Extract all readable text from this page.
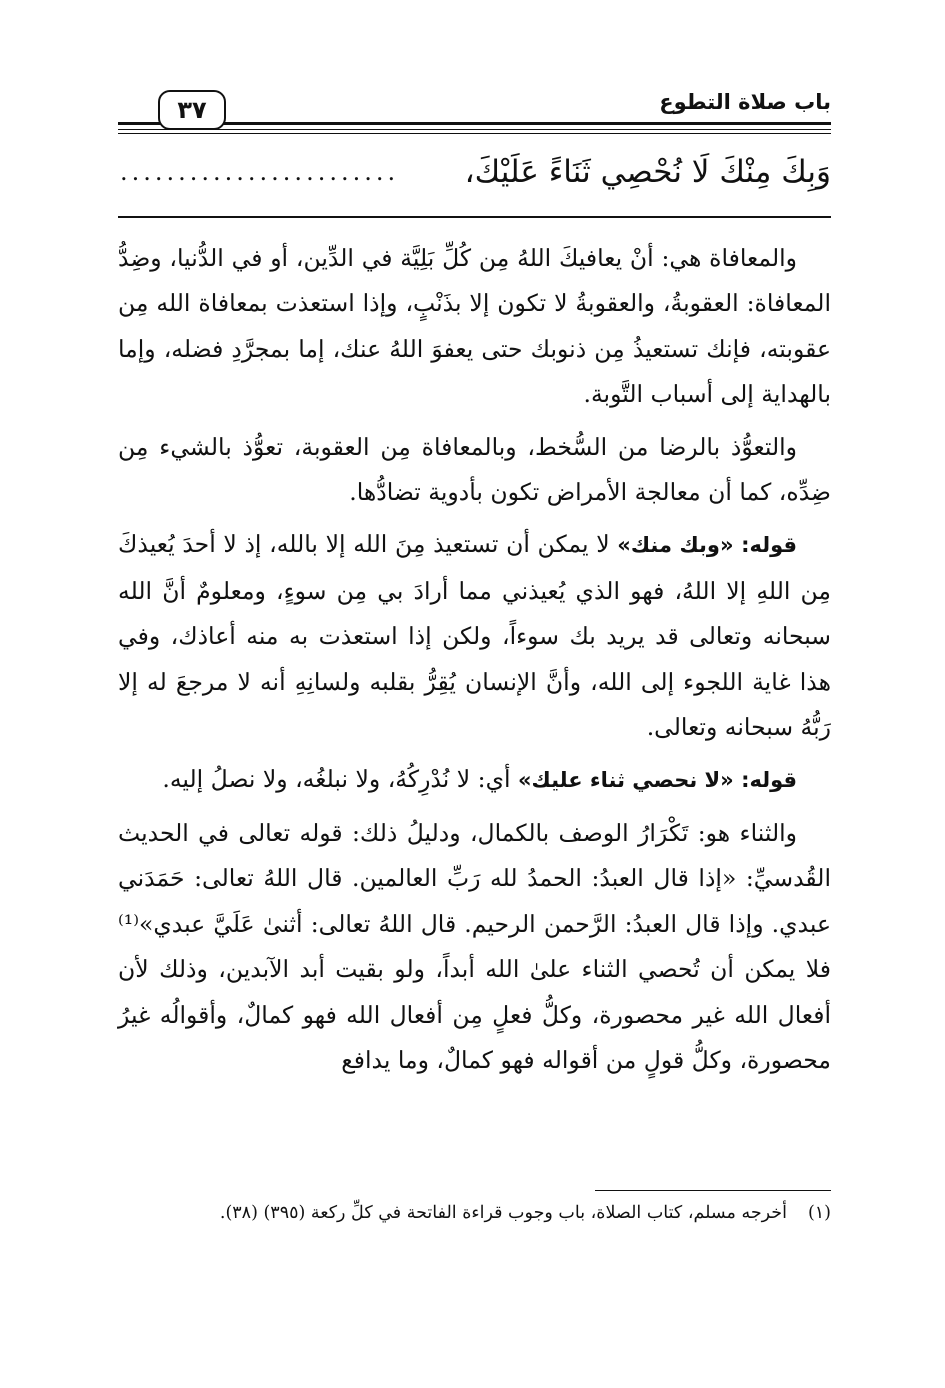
باب صلاة التطوع
٣٧
وَبِكَ مِنْكَ لَا نُحْصِي ثَنَاءً عَلَيْكَ،
........................

والمعافاة هي: أنْ يعافيكَ اللهُ مِن كُلِّ بَلِيَّة في الدِّين، أو في الدُّنيا، وضِدُّ المعافاة: العقوبةُ، والعقوبةُ لا تكون إلا بذَنْبٍ، وإذا استعذت بمعافاة الله مِن عقوبته، فإنك تستعيذُ مِن ذنوبك حتى يعفوَ اللهُ عنك، إما بمجرَّدِ فضله، وإما بالهداية إلى أسباب التَّوبة.

والتعوُّذ بالرضا من السُّخط، وبالمعافاة مِن العقوبة، تعوُّذ بالشيء مِن ضِدِّه، كما أن معالجة الأمراض تكون بأدوية تضادُّها.

قوله: «وبك منك» لا يمكن أن تستعيذ مِنَ الله إلا بالله، إذ لا أحدَ يُعيذكَ مِن اللهِ إلا اللهُ، فهو الذي يُعيذني مما أرادَ بي مِن سوءٍ، ومعلومٌ أنَّ الله سبحانه وتعالى قد يريد بك سوءاً، ولكن إذا استعذت به منه أعاذك، وفي هذا غاية اللجوء إلى الله، وأنَّ الإنسان يُقِرُّ بقلبه ولسانِهِ أنه لا مرجعَ له إلا رَبُّهُ سبحانه وتعالى.

قوله: «لا نحصي ثناء عليك» أي: لا نُدْرِكُهُ، ولا نبلغُه، ولا نصلُ إليه.

والثناء هو: تَكْرَارُ الوصف بالكمال، ودليلُ ذلك: قوله تعالى في الحديث القُدسيِّ: «إذا قال العبدُ: الحمدُ لله رَبِّ العالمين. قال اللهُ تعالى: حَمَدَني عبدي. وإذا قال العبدُ: الرَّحمن الرحيم. قال اللهُ تعالى: أثنىٰ عَلَيَّ عبدي»⁽¹⁾ فلا يمكن أن تُحصي الثناء علىٰ الله أبداً، ولو بقيت أبد الآبدين، وذلك لأن أفعال الله غير محصورة، وكلُّ فعلٍ مِن أفعال الله فهو كمالٌ، وأقوالُه غيرُ محصورة، وكلُّ قولٍ من أقواله فهو كمالٌ، وما يدافع

(١)أخرجه مسلم، كتاب الصلاة، باب وجوب قراءة الفاتحة في كلِّ ركعة (٣٩٥) (٣٨).
